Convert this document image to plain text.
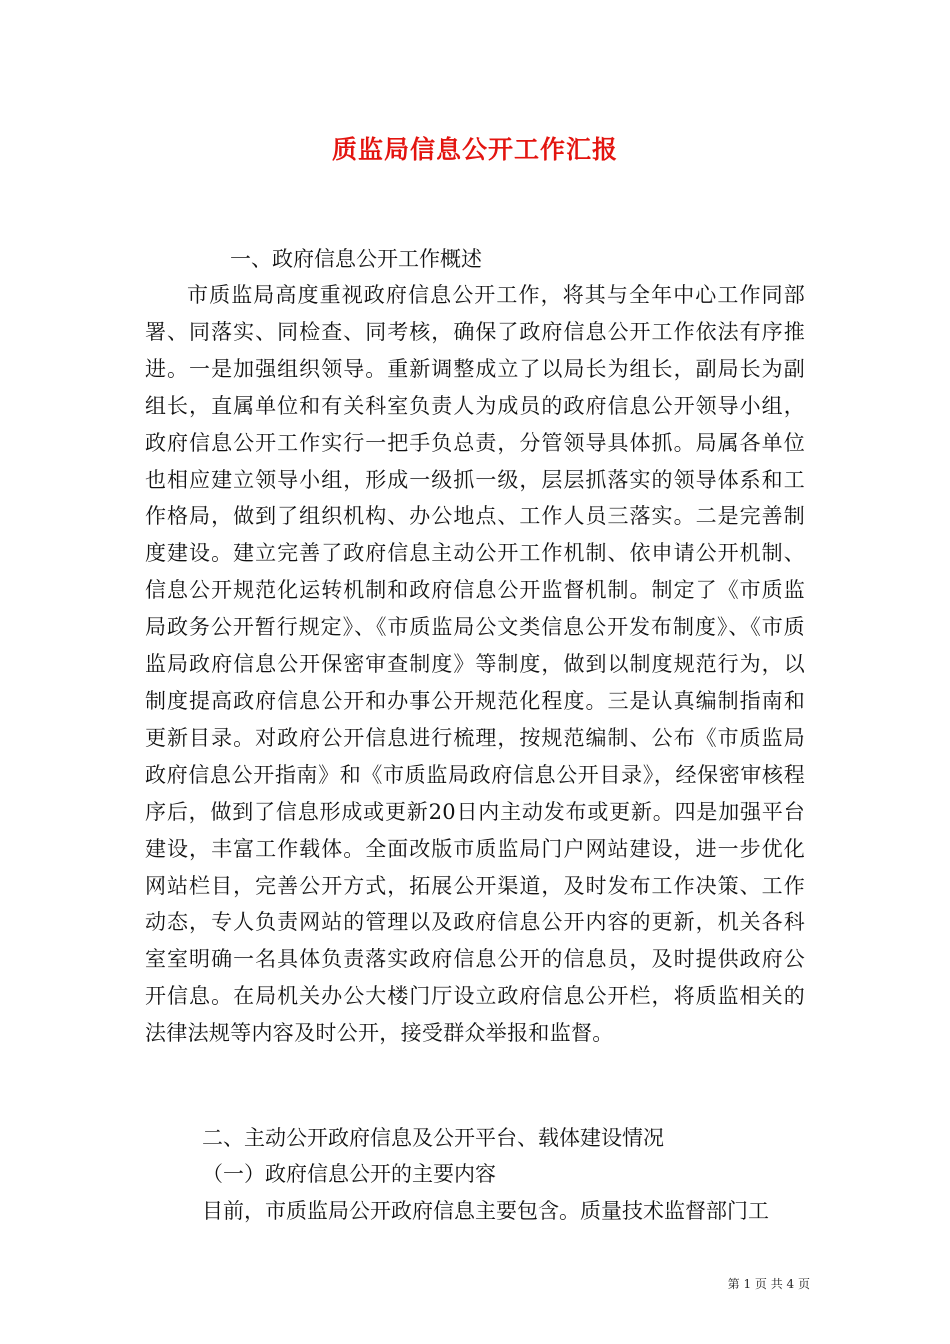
质监局信息公开工作汇报
一、政府信息公开工作概述
市质监局高度重视政府信息公开工作，将其与全年中心工作同部署、同落实、同检查、同考核，确保了政府信息公开工作依法有序推进。一是加强组织领导。重新调整成立了以局长为组长，副局长为副组长，直属单位和有关科室负责人为成员的政府信息公开领导小组，政府信息公开工作实行一把手负总责，分管领导具体抓。局属各单位也相应建立领导小组，形成一级抓一级，层层抓落实的领导体系和工作格局，做到了组织机构、办公地点、工作人员三落实。二是完善制度建设。建立完善了政府信息主动公开工作机制、依申请公开机制、信息公开规范化运转机制和政府信息公开监督机制。制定了《市质监局政务公开暂行规定》、《市质监局公文类信息公开发布制度》、《市质监局政府信息公开保密审查制度》等制度，做到以制度规范行为，以制度提高政府信息公开和办事公开规范化程度。三是认真编制指南和更新目录。对政府公开信息进行梳理，按规范编制、公布《市质监局政府信息公开指南》和《市质监局政府信息公开目录》，经保密审核程序后，做到了信息形成或更新20日内主动发布或更新。四是加强平台建设，丰富工作载体。全面改版市质监局门户网站建设，进一步优化网站栏目，完善公开方式，拓展公开渠道，及时发布工作决策、工作动态，专人负责网站的管理以及政府信息公开内容的更新，机关各科室室明确一名具体负责落实政府信息公开的信息员，及时提供政府公开信息。在局机关办公大楼门厅设立政府信息公开栏，将质监相关的法律法规等内容及时公开，接受群众举报和监督。
二、主动公开政府信息及公开平台、载体建设情况
（一）政府信息公开的主要内容
目前，市质监局公开政府信息主要包含。质量技术监督部门工
第 1 页 共 4 页
